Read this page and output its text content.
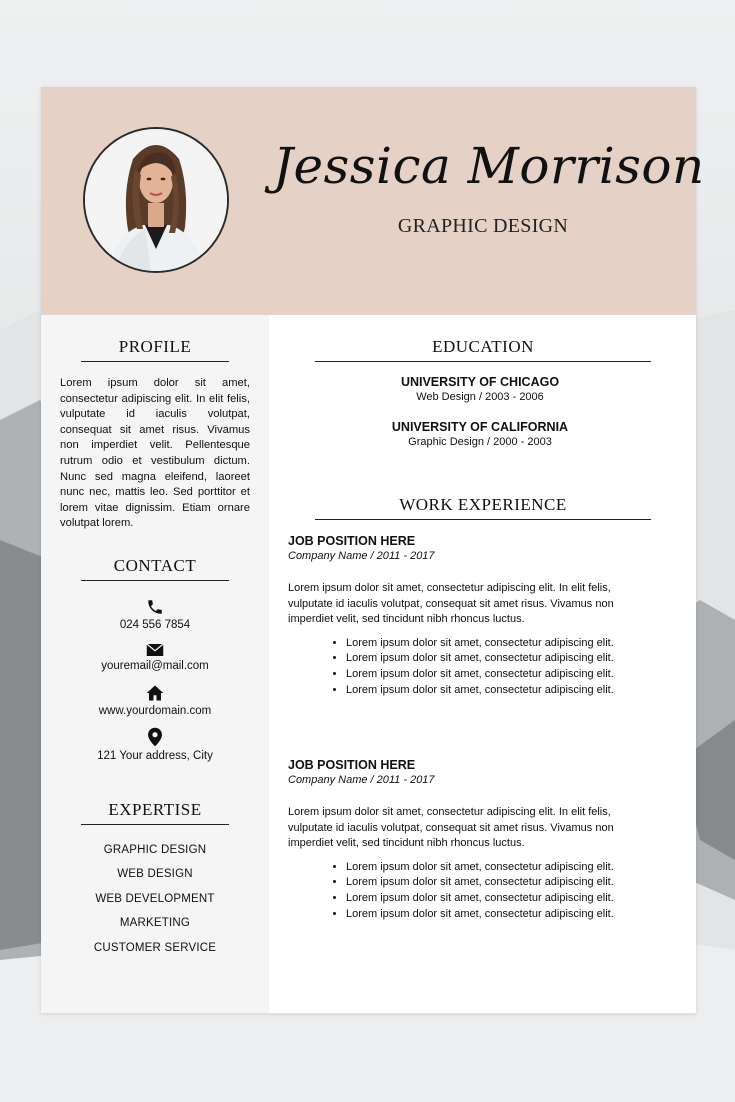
Jessica Morrison
GRAPHIC DESIGN
PROFILE
Lorem ipsum dolor sit amet, consectetur adipiscing elit. In elit felis, vulputate id iaculis volutpat, consequat sit amet risus. Vivamus non imperdiet velit. Pellentesque rutrum odio et vestibulum dictum. Nunc sed magna eleifend, laoreet nunc nec, mattis leo. Sed porttitor et lorem vitae dignissim. Etiam ornare volutpat lorem.
CONTACT
024 556 7854
youremail@mail.com
www.yourdomain.com
121 Your address, City
EXPERTISE
GRAPHIC DESIGN
WEB DESIGN
WEB DEVELOPMENT
MARKETING
CUSTOMER SERVICE
EDUCATION
UNIVERSITY OF CHICAGO
Web Design / 2003 - 2006
UNIVERSITY OF CALIFORNIA
Graphic Design / 2000 - 2003
WORK EXPERIENCE
JOB POSITION HERE
Company Name / 2011 - 2017
Lorem ipsum dolor sit amet, consectetur adipiscing elit. In elit felis, vulputate id iaculis volutpat, consequat sit amet risus. Vivamus non imperdiet velit, sed tincidunt nibh rhoncus luctus.
• Lorem ipsum dolor sit amet, consectetur adipiscing elit.
• Lorem ipsum dolor sit amet, consectetur adipiscing elit.
• Lorem ipsum dolor sit amet, consectetur adipiscing elit.
• Lorem ipsum dolor sit amet, consectetur adipiscing elit.
JOB POSITION HERE
Company Name / 2011 - 2017
Lorem ipsum dolor sit amet, consectetur adipiscing elit. In elit felis, vulputate id iaculis volutpat, consequat sit amet risus. Vivamus non imperdiet velit, sed tincidunt nibh rhoncus luctus.
• Lorem ipsum dolor sit amet, consectetur adipiscing elit.
• Lorem ipsum dolor sit amet, consectetur adipiscing elit.
• Lorem ipsum dolor sit amet, consectetur adipiscing elit.
• Lorem ipsum dolor sit amet, consectetur adipiscing elit.
